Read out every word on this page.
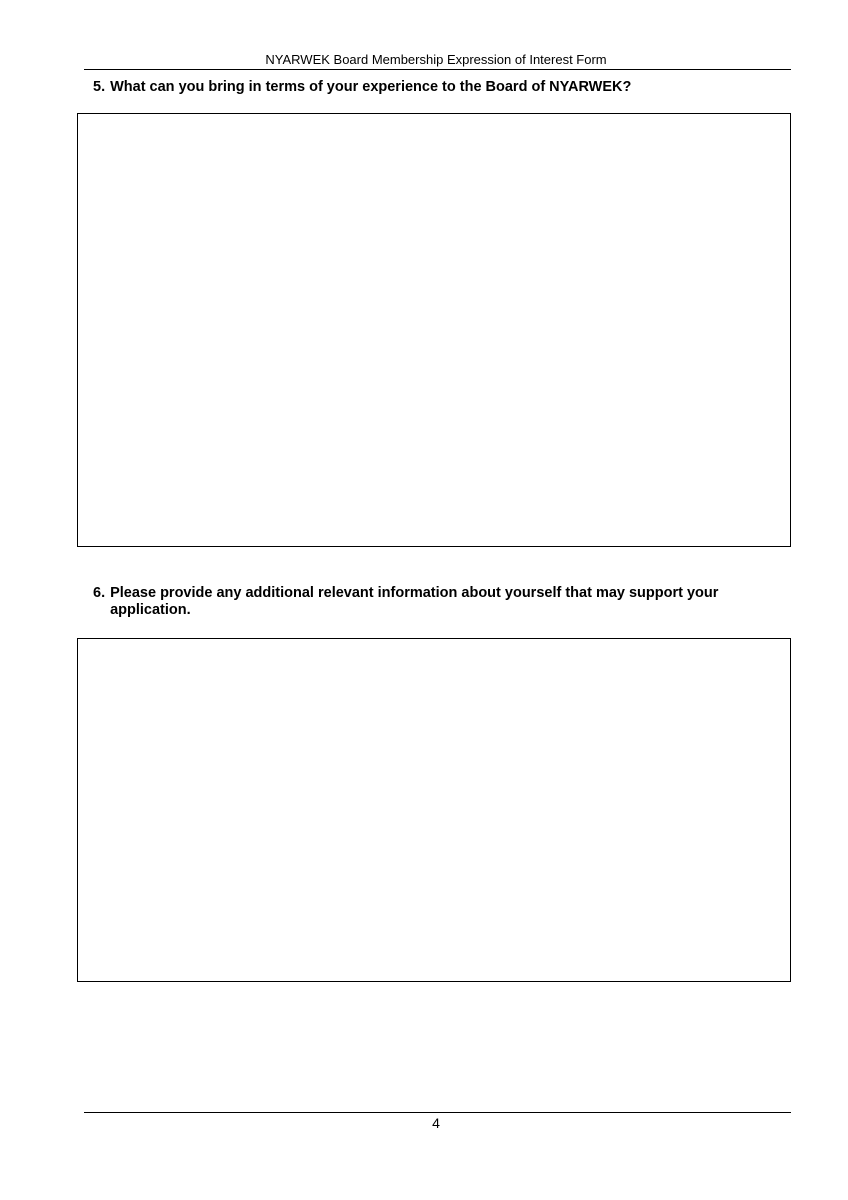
NYARWEK Board Membership Expression of Interest Form
5. What can you bring in terms of your experience to the Board of NYARWEK?
6. Please provide any additional relevant information about yourself that may support your application.
4
